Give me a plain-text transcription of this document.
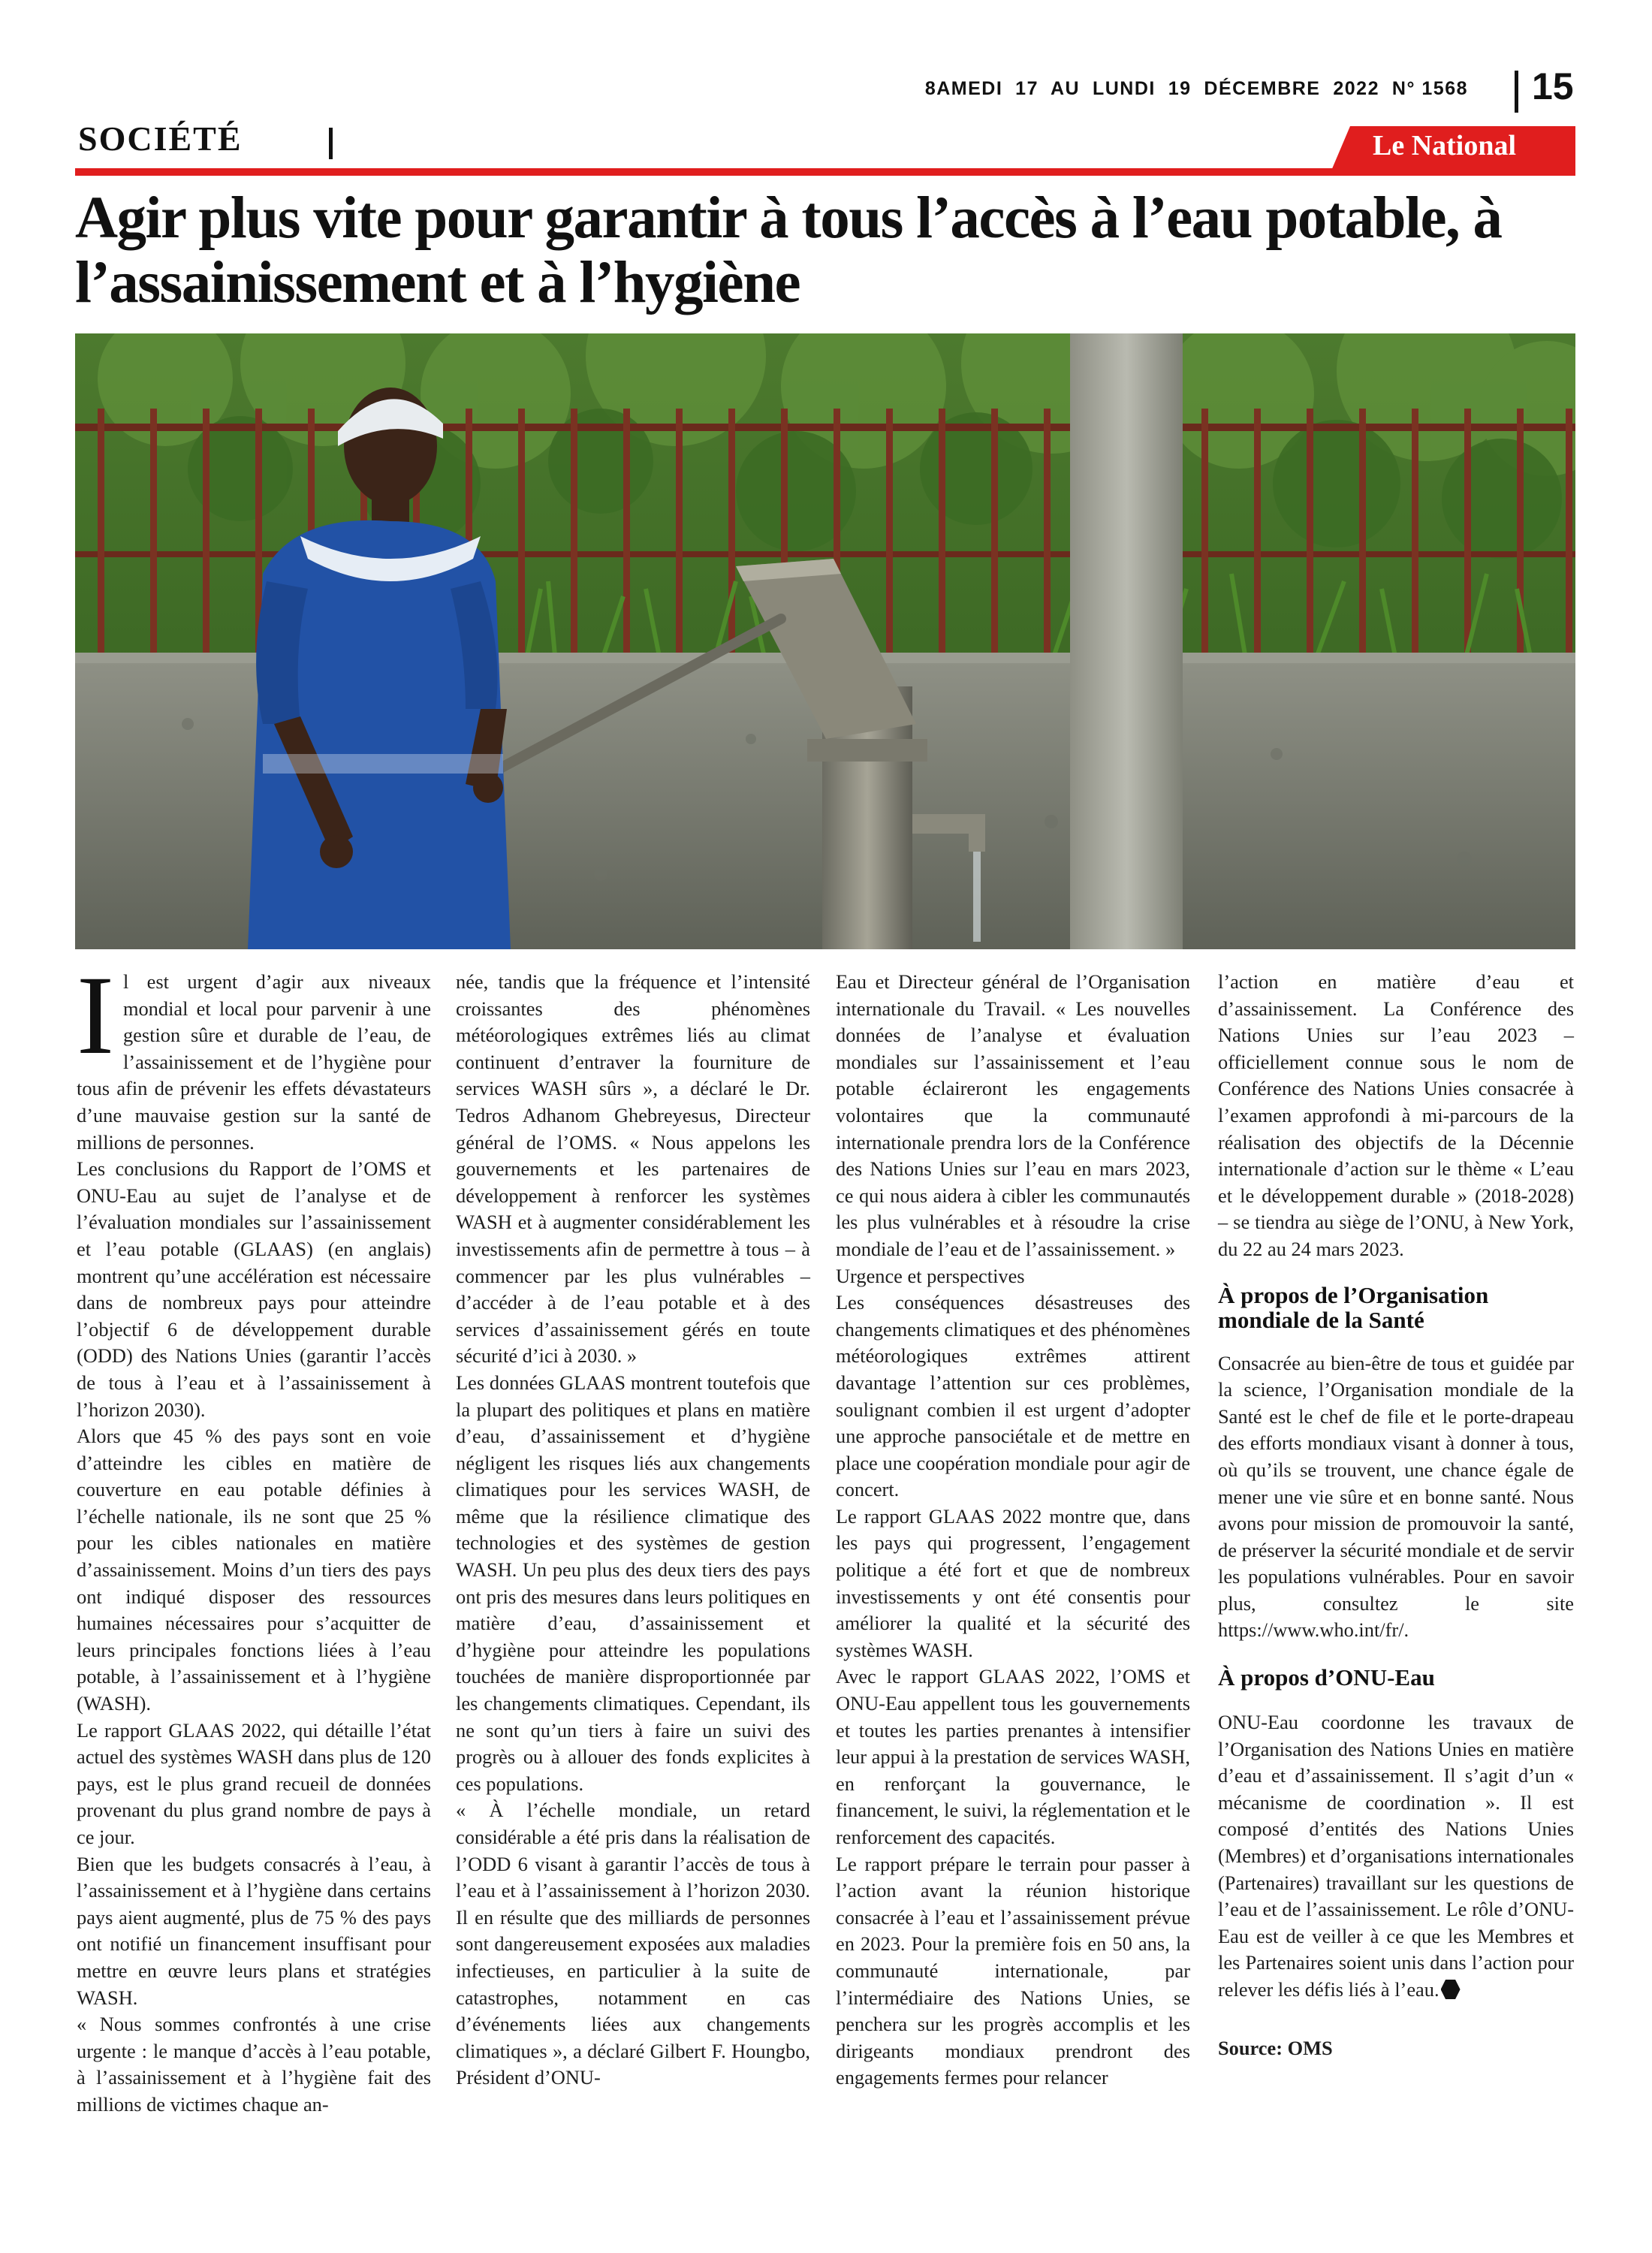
8AMEDI  17  AU  LUNDI  19  DÉCEMBRE  2022  N° 1568 15
SOCIÉTÉ	Le National
Agir plus vite pour garantir à tous l’accès à l’eau potable, à l’assainissement et à l’hygiène
I l est urgent d’agir aux niveaux mondial et local pour parvenir à une gestion sûre et durable de l’eau, de l’assainissement et de l’hygiène pour tous afin de prévenir les effets dévastateurs d’une mauvaise gestion sur la santé de millions de personnes.

Les conclusions du Rapport de l’OMS et ONU-Eau au sujet de l’analyse et de l’évaluation mondiales sur l’assainissement et l’eau potable (GLAAS) (en anglais) montrent qu’une accélération est nécessaire dans de nombreux pays pour atteindre l’objectif 6 de développement durable (ODD) des Nations Unies (garantir l’accès de tous à l’eau et à l’assainissement à l’horizon 2030).

Alors que 45 % des pays sont en voie d’atteindre les cibles en matière de couverture en eau potable définies à l’échelle nationale, ils ne sont que 25 % pour les cibles nationales en matière d’assainissement. Moins d’un tiers des pays ont indiqué disposer des ressources humaines nécessaires pour s’acquitter de leurs principales fonctions liées à l’eau potable, à l’assainissement et à l’hygiène (WASH).

Le rapport GLAAS 2022, qui détaille l’état actuel des systèmes WASH dans plus de 120 pays, est le plus grand recueil de données provenant du plus grand nombre de pays à ce jour.

Bien que les budgets consacrés à l’eau, à l’assainissement et à l’hygiène dans certains pays aient augmenté, plus de 75 % des pays ont notifié un financement insuffisant pour mettre en œuvre leurs plans et stratégies WASH.

« Nous sommes confrontés à une crise urgente : le manque d’accès à l’eau potable, à l’assainissement et à l’hygiène fait des millions de victimes chaque an-

née, tandis que la fréquence et l’intensité croissantes des phénomènes météorologiques extrêmes liés au climat continuent d’entraver la fourniture de services WASH sûrs », a déclaré le Dr. Tedros Adhanom Ghebreyesus, Directeur général de l’OMS. « Nous appelons les gouvernements et les partenaires de développement à renforcer les systèmes WASH et à augmenter considérablement les investissements afin de permettre à tous – à commencer par les plus vulnérables – d’accéder à de l’eau potable et à des services d’assainissement gérés en toute sécurité d’ici à 2030. »

Les données GLAAS montrent toutefois que la plupart des politiques et plans en matière d’eau, d’assainissement et d’hygiène négligent les risques liés aux changements climatiques pour les services WASH, de même que la résilience climatique des technologies et des systèmes de gestion WASH. Un peu plus des deux tiers des pays ont pris des mesures dans leurs politiques en matière d’eau, d’assainissement et d’hygiène pour atteindre les populations touchées de manière disproportionnée par les changements climatiques. Cependant, ils ne sont qu’un tiers à faire un suivi des progrès ou à allouer des fonds explicites à ces populations.

« À l’échelle mondiale, un retard considérable a été pris dans la réalisation de l’ODD 6 visant à garantir l’accès de tous à l’eau et à l’assainissement à l’horizon 2030. Il en résulte que des milliards de personnes sont dangereusement exposées aux maladies infectieuses, en particulier à la suite de catastrophes, notamment en cas d’événements liées aux changements climatiques », a déclaré Gilbert F. Houngbo, Président d’ONU-

Eau et Directeur général de l’Organisation internationale du Travail. « Les nouvelles données de l’analyse et évaluation mondiales sur l’assainissement et l’eau potable éclaireront les engagements volontaires que la communauté internationale prendra lors de la Conférence des Nations Unies sur l’eau en mars 2023, ce qui nous aidera à cibler les communautés les plus vulnérables et à résoudre la crise mondiale de l’eau et de l’assainissement. »

Urgence et perspectives

Les conséquences désastreuses des changements climatiques et des phénomènes météorologiques extrêmes attirent davantage l’attention sur ces problèmes, soulignant combien il est urgent d’adopter une approche pansociétale et de mettre en place une coopération mondiale pour agir de concert.

Le rapport GLAAS 2022 montre que, dans les pays qui progressent, l’engagement politique a été fort et que de nombreux investissements y ont été consentis pour améliorer la qualité et la sécurité des systèmes WASH.

Avec le rapport GLAAS 2022, l’OMS et ONU-Eau appellent tous les gouvernements et toutes les parties prenantes à intensifier leur appui à la prestation de services WASH, en renforçant la gouvernance, le financement, le suivi, la réglementation et le renforcement des capacités.

Le rapport prépare le terrain pour passer à l’action avant la réunion historique consacrée à l’eau et l’assainissement prévue en 2023. Pour la première fois en 50 ans, la communauté internationale, par l’intermédiaire des Nations Unies, se penchera sur les progrès accomplis et les dirigeants mondiaux prendront des engagements fermes pour relancer

l’action en matière d’eau et d’assainissement. La Conférence des Nations Unies sur l’eau 2023 – officiellement connue sous le nom de Conférence des Nations Unies consacrée à l’examen approfondi à mi-parcours de la réalisation des objectifs de la Décennie internationale d’action sur le thème « L’eau et le développement durable » (2018-2028) – se tiendra au siège de l’ONU, à New York, du 22 au 24 mars 2023.

À propos de l’Organisation mondiale de la Santé

Consacrée au bien-être de tous et guidée par la science, l’Organisation mondiale de la Santé est le chef de file et le porte-drapeau des efforts mondiaux visant à donner à tous, où qu’ils se trouvent, une chance égale de mener une vie sûre et en bonne santé. Nous avons pour mission de promouvoir la santé, de préserver la sécurité mondiale et de servir les populations vulnérables. Pour en savoir plus, consultez le site https://www.who.int/fr/.

À propos d’ONU-Eau

ONU-Eau coordonne les travaux de l’Organisation des Nations Unies en matière d’eau et d’assainissement. Il s’agit d’un « mécanisme de coordination ». Il est composé d’entités des Nations Unies (Membres) et d’organisations internationales (Partenaires) travaillant sur les questions de l’eau et de l’assainissement. Le rôle d’ONU-Eau est de veiller à ce que les Membres et les Partenaires soient unis dans l’action pour relever les défis liés à l’eau.

Source: OMS
